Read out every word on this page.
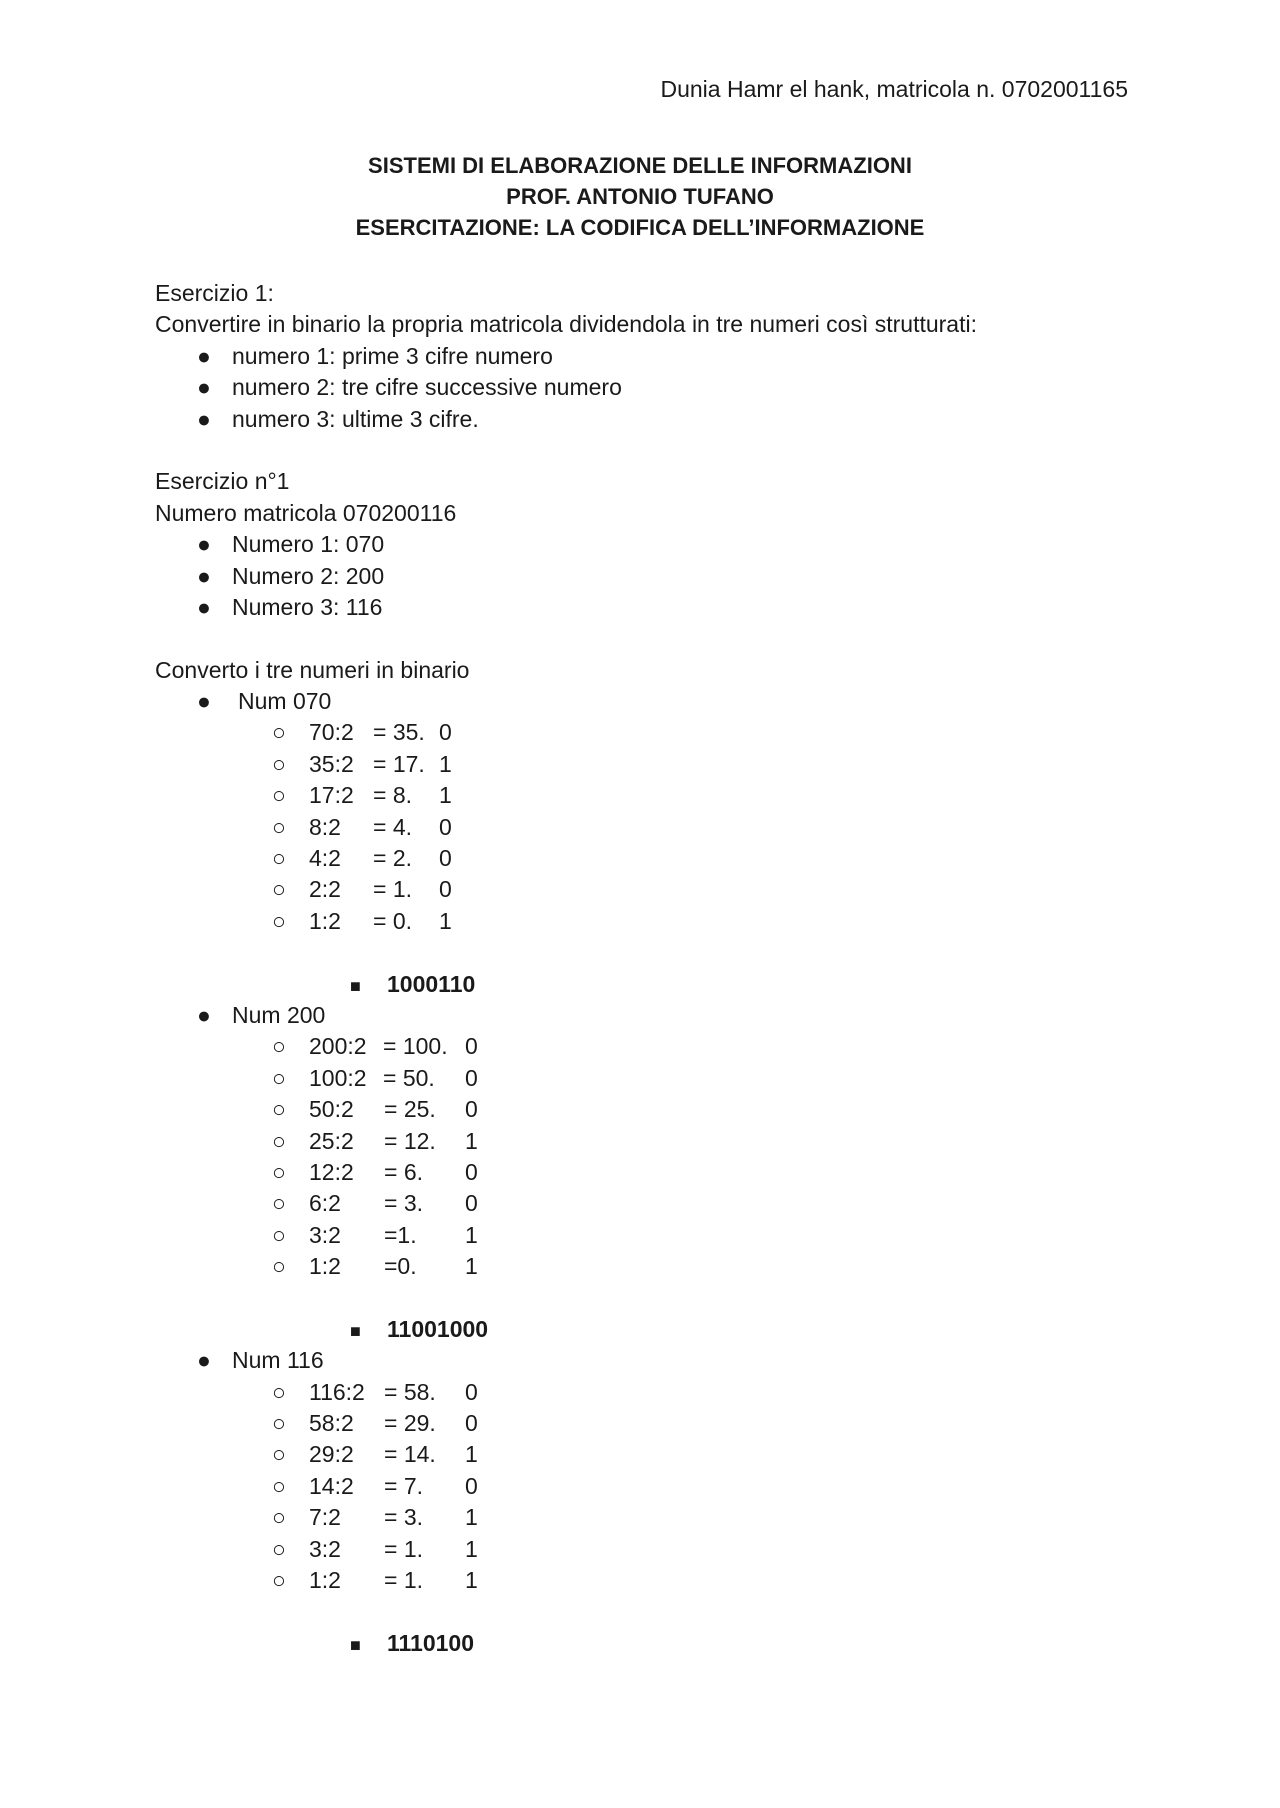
Dunia Hamr el hank, matricola n. 0702001165
SISTEMI DI ELABORAZIONE DELLE INFORMAZIONI
PROF. ANTONIO TUFANO
ESERCITAZIONE: LA CODIFICA DELL’INFORMAZIONE
Esercizio 1:
Convertire in binario la propria matricola dividendola in tre numeri così strutturati:
● numero 1: prime 3 cifre numero
● numero 2: tre cifre successive numero
● numero 3: ultime 3 cifre.
Esercizio n°1
Numero matricola 070200116
● Numero 1: 070
● Numero 2: 200
● Numero 3: 116
Converto i tre numeri in binario
● Num 070
○ 70:2 = 35. 0
○ 35:2 = 17. 1
○ 17:2 = 8. 1
○ 8:2 = 4. 0
○ 4:2 = 2. 0
○ 2:2 = 1. 0
○ 1:2 = 0. 1
■ 1000110
● Num 200
○ 200:2 = 100. 0
○ 100:2 = 50. 0
○ 50:2 = 25. 0
○ 25:2 = 12. 1
○ 12:2 = 6. 0
○ 6:2 = 3. 0
○ 3:2 =1. 1
○ 1:2 =0. 1
■ 11001000
● Num 116
○ 116:2 = 58. 0
○ 58:2 = 29. 0
○ 29:2 = 14. 1
○ 14:2 = 7. 0
○ 7:2 = 3. 1
○ 3:2 = 1. 1
○ 1:2 = 1. 1
■ 1110100
